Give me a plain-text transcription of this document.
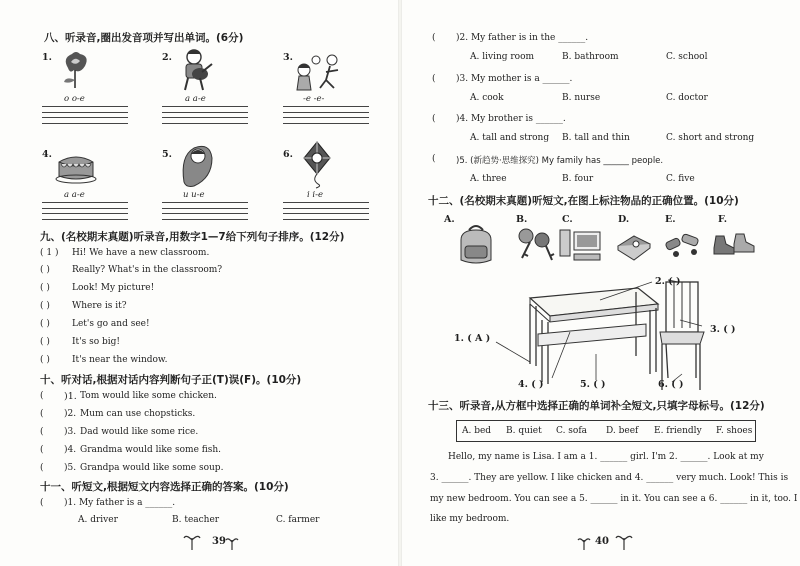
八、听录音,圈出发音项并写出单词。(6分)
1.
o o-e
2.
a a-e
3.
-e -e-
4.
a a-e
5.
u u-e
6.
i i-e
九、(名校期末真题)听录音,用数字1—7给下列句子排序。(12分)
( 1 ) Hi! We have a new classroom.
( ) Really? What's in the classroom?
( ) Look! My picture!
( ) Where is it?
( ) Let's go and see!
( ) It's so big!
( ) It's near the window.
十、听对话,根据对话内容判断句子正(T)误(F)。(10分)
( )1. Tom would like some chicken.
( )2. Mum can use chopsticks.
( )3. Dad would like some rice.
( )4. Grandma would like some fish.
( )5. Grandpa would like some soup.
十一、听短文,根据短文内容选择正确的答案。(10分)
( )1. My father is a ______.
A. driver	B. teacher	C. farmer
39
( )2. My father is in the ______.
A. living room	B. bathroom	C. school
( )3. My mother is a ______.
A. cook	B. nurse	C. doctor
( )4. My brother is ______.
A. tall and strong B. tall and thin	C. short and strong
( )5. (新趋势·思维探究) My family has ______ people.
A. three	B. four	C. five
十二、(名校期末真题)听短文,在图上标注物品的正确位置。(10分)
A.	B.	C.	D.	E.	F.
1. ( A )
2. ( )
3. ( )
4. ( )	5. ( )	6. ( )
十三、听录音,从方框中选择正确的单词补全短文,只填字母标号。(12分)
A. bed B. quiet C. sofa D. beef E. friendly F. shoes
Hello, my name is Lisa. I am a 1. ______ girl. I'm 2. ______. Look at my
3. ______. They are yellow. I like chicken and 4. ______ very much. Look! This is
my new bedroom. You can see a 5. ______ in it. You can see a 6. ______ in it, too. I
like my bedroom.
40
